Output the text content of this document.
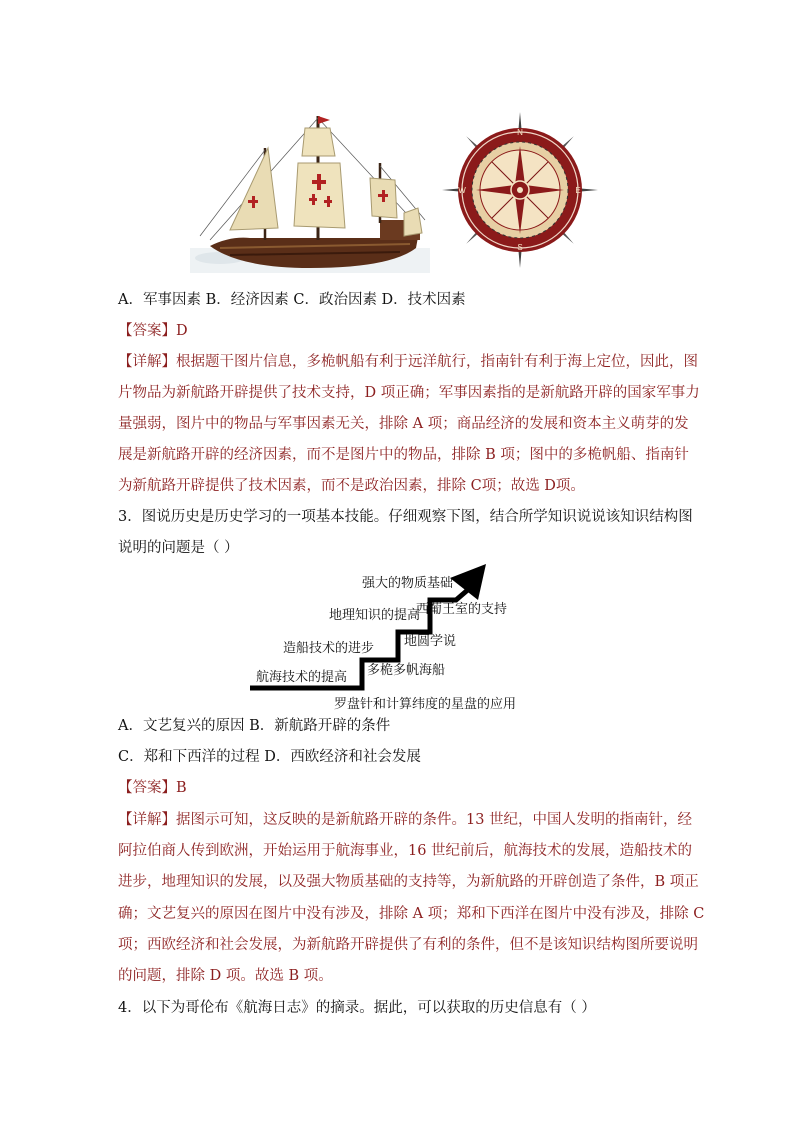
N
S
E
W
A．军事因素 B．经济因素 C．政治因素 D．技术因素
【答案】D
【详解】根据题干图片信息，多桅帆船有利于远洋航行，指南针有利于海上定位，因此，图
片物品为新航路开辟提供了技术支持，D 项正确；军事因素指的是新航路开辟的国家军事力
量强弱，图片中的物品与军事因素无关，排除 A 项；商品经济的发展和资本主义萌芽的发
展是新航路开辟的经济因素，而不是图片中的物品，排除 B 项；图中的多桅帆船、指南针
为新航路开辟提供了技术因素，而不是政治因素，排除 C项；故选 D项。
3．图说历史是历史学习的一项基本技能。仔细观察下图，结合所学知识说说该知识结构图
说明的问题是（ ）
强大的物质基础
地理知识的提高
造船技术的进步
航海技术的提高
西葡王室的支持
地圆学说
多桅多帆海船
罗盘针和计算纬度的星盘的应用
A．文艺复兴的原因 B．新航路开辟的条件
C．郑和下西洋的过程 D．西欧经济和社会发展
【答案】B
【详解】据图示可知，这反映的是新航路开辟的条件。13 世纪，中国人发明的指南针，经
阿拉伯商人传到欧洲，开始运用于航海事业，16 世纪前后，航海技术的发展，造船技术的
进步，地理知识的发展，以及强大物质基础的支持等，为新航路的开辟创造了条件，B 项正
确；文艺复兴的原因在图片中没有涉及，排除 A 项；郑和下西洋在图片中没有涉及，排除 C
项；西欧经济和社会发展，为新航路开辟提供了有利的条件，但不是该知识结构图所要说明
的问题，排除 D 项。故选 B 项。
4．以下为哥伦布《航海日志》的摘录。据此，可以获取的历史信息有（ ）
